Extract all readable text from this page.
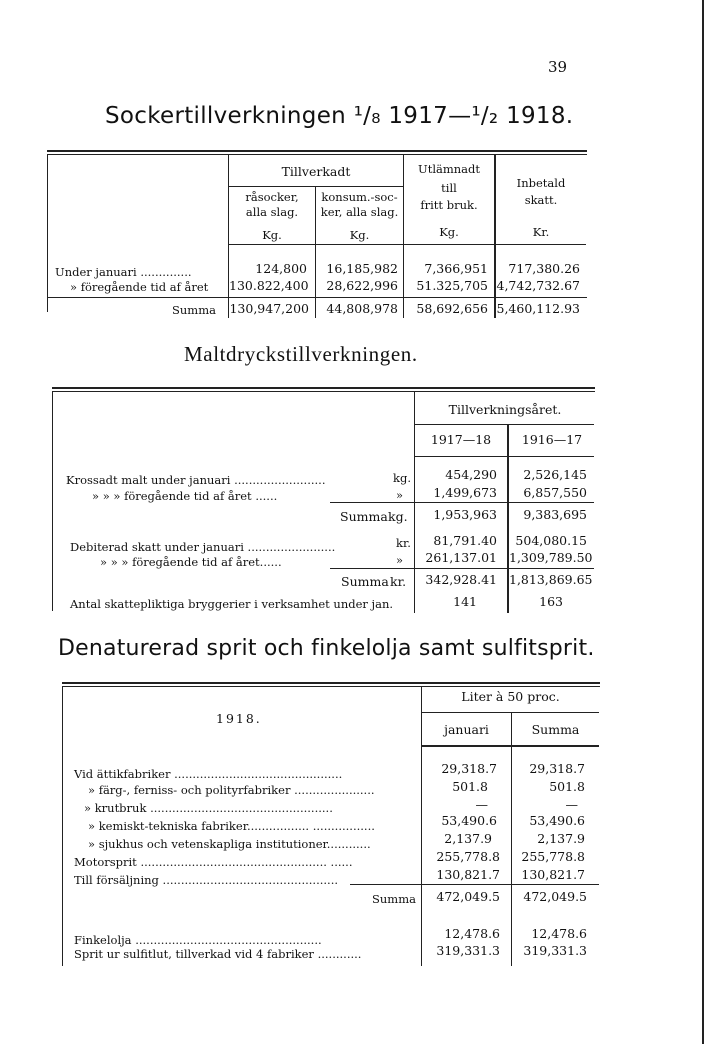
39
Sockertillverkningen ¹/₈ 1917—¹/₂ 1918.
Tillverkadt
råsocker,
alla slag.
konsum.-soc-
ker, alla slag.
Utlämnadt
till
fritt bruk.
Inbetald
skatt.
Kg.	Kg.	Kg.	Kr.
Under januari ..............	124,800	16,185,982	7,366,951	717,380.26
» föregående tid af året 130.822,400	28,622,996	51.325,705 4,742,732.67
Summa 130,947,200	44,808,978	58,692,656 5,460,112.93
Maltdryckstillverkningen.
Tillverkningsåret.
1917—18	1916—17
Krossadt malt under januari .........................	kg.	454,290	2,526,145
» » » föregående tid af året ......	»	1,499,673	6,857,550
Summa kg.	1,953,963	9,383,695
Debiterad skatt under januari ........................	kr.	81,791.40	504,080.15
» » » föregående tid af året......	»	261,137.01 1,309,789.50
Summa kr.	342,928.41 1,813,869.65
Antal skattepliktiga bryggerier i verksamhet under jan.	141	163
Denaturerad sprit och finkelolja samt sulfitsprit.
1918.
Liter à 50 proc.
januari	Summa
Vid ättikfabriker ..............................................	29,318.7	29,318.7
» färg-, ferniss- och polityrfabriker ......................	501.8	501.8
» krutbruk ..................................................	—	—
» kemiskt-tekniska fabriker................. .................	53,490.6	53,490.6
» sjukhus och vetenskapliga institutioner............	2,137.9	2,137.9
Motorsprit ................................................... ......	255,778.8	255,778.8
Till försäljning ................................................	130,821.7	130,821.7
Summa	472,049.5	472,049.5
Finkelolja ...................................................	12,478.6	12,478.6
Sprit ur sulfitlut, tillverkad vid 4 fabriker ............	319,331.3	319,331.3
